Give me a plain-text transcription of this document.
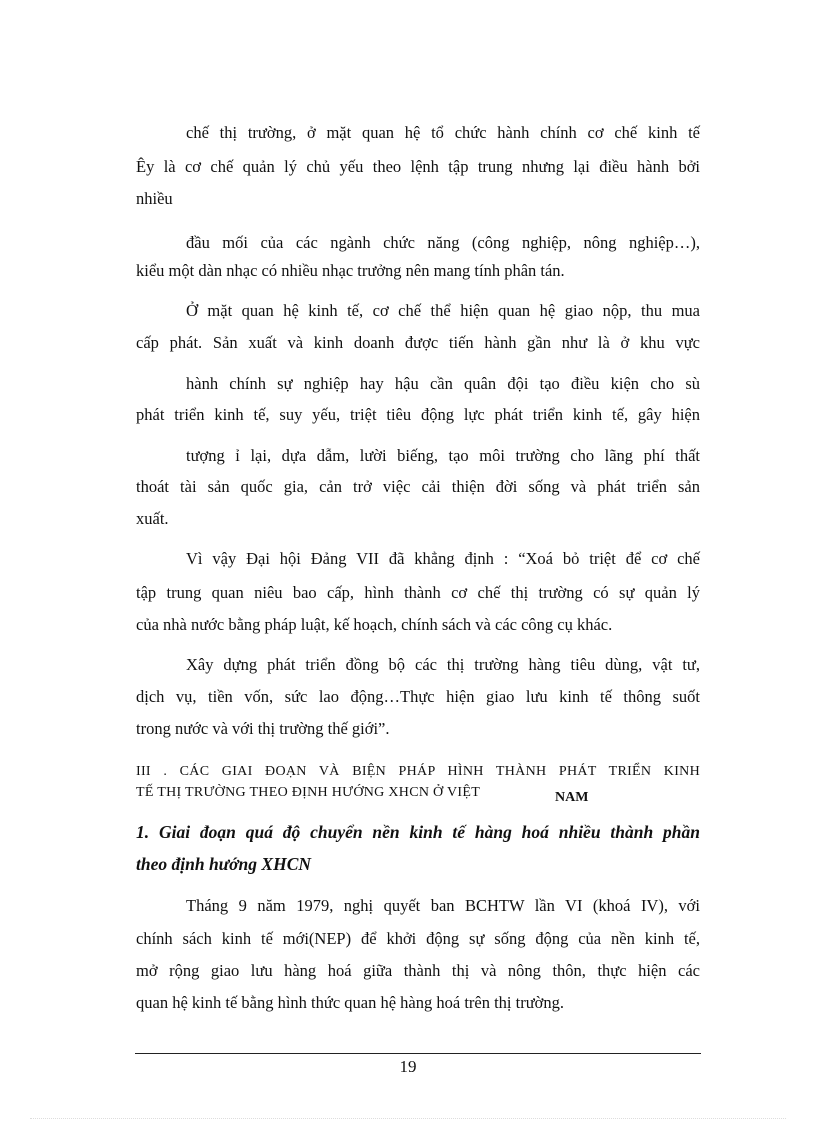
chế thị trường, ở mặt quan hệ tổ chức hành chính cơ chế kinh tế
Êy là cơ chế quản lý chủ yếu theo lệnh tập trung nhưng lại điều hành bởi
nhiều
đầu mối của các ngành chức năng (công nghiệp, nông nghiệp…),
kiểu một dàn nhạc có nhiều nhạc trưởng nên mang tính phân tán.
Ở mặt quan hệ kinh tế, cơ chế thể hiện quan hệ giao nộp, thu mua
cấp phát. Sản xuất và kinh doanh được tiến hành gần như là ở khu vực
hành chính sự nghiệp hay hậu cần quân đội tạo điều kiện cho sù
phát triển kinh tế, suy yếu, triệt tiêu động lực phát triển kinh tế, gây hiện
tượng ỉ lại, dựa dẫm, lười biếng, tạo môi trường cho lãng phí thất
thoát tài sản quốc gia, cản trở việc cải thiện đời sống và phát triển sản
xuất.
Vì vậy Đại hội Đảng VII đã khẳng định : “Xoá bỏ triệt để cơ chế
tập trung quan niêu bao cấp, hình thành cơ chế thị trường có sự quản lý
của nhà nước bằng pháp luật, kế hoạch, chính sách và các công cụ khác.
Xây dựng phát triển đồng bộ các thị trường hàng tiêu dùng, vật tư,
dịch vụ, tiền vốn, sức lao động…Thực hiện giao lưu kinh tế thông suốt
trong nước và với thị trường thế giới”.
III . CÁC GIAI ĐOẠN VÀ BIỆN PHÁP HÌNH THÀNH PHÁT TRIỂN KINH
TẾ THỊ TRƯỜNG THEO ĐỊNH HƯỚNG XHCN Ở VIỆT	NAM
1. Giai đoạn quá độ chuyển nền kinh tế hàng hoá nhiều thành phần
theo định hướng XHCN
Tháng 9 năm 1979, nghị quyết ban BCHTW lần VI (khoá IV), với
chính sách kinh tế mới(NEP) để khởi động sự sống động của nền kinh tế,
mở rộng giao lưu hàng hoá giữa thành thị và nông thôn, thực hiện các
quan hệ kinh tế bằng hình thức quan hệ hàng hoá trên thị trường.
19
